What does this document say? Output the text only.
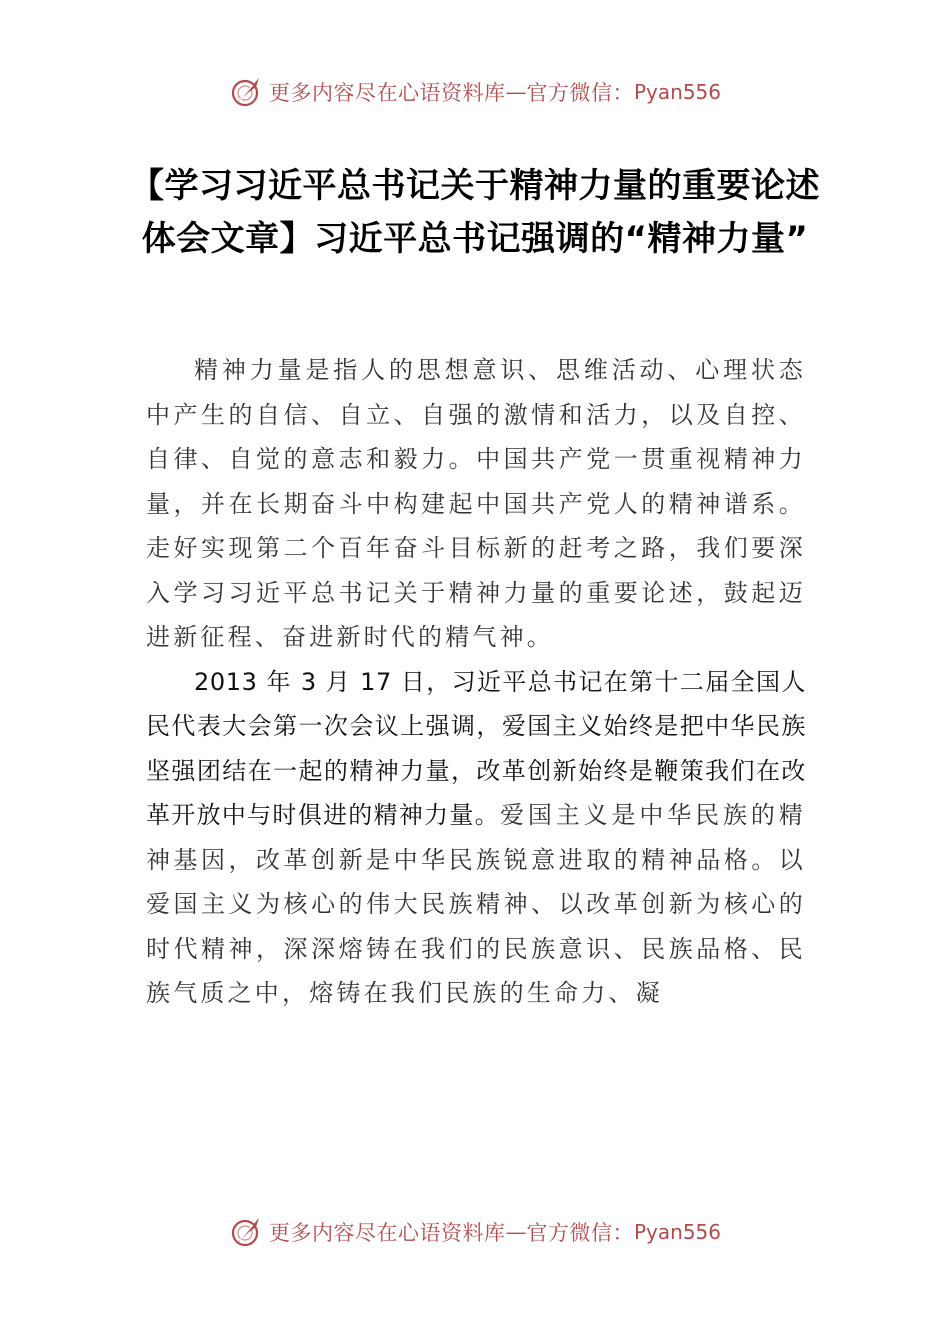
更多内容尽在心语资料库 — 官方微信： Pyan556
【学习习近平总书记关于精神力量的重要论述体会文章】习近平总书记强调的“精神力量”

精神力量是指人的思想意识、思维活动、心理状态中产生的自信、自立、自强的激情和活力，以及自控、自律、自觉的意志和毅力。中国共产党一贯重视精神力量，并在长期奋斗中构建起中国共产党人的精神谱系。走好实现第二个百年奋斗目标新的赶考之路，我们要深入学习习近平总书记关于精神力量的重要论述，鼓起迈进新征程、奋进新时代的精气神。

2013 年 3 月 17 日，习近平总书记在第十二届全国人民代表大会第一次会议上强调，爱国主义始终是把中华民族坚强团结在一起的精神力量，改革创新始终是鞭策我们在改革开放中与时俱进的精神力量。爱国主义是中华民族的精神基因，改革创新是中华民族锐意进取的精神品格。以爱国主义为核心的伟大民族精神、以改革创新为核心的时代精神，深深熔铸在我们的民族意识、民族品格、民族气质之中，熔铸在我们民族的生命力、凝

更多内容尽在心语资料库 — 官方微信： Pyan556
